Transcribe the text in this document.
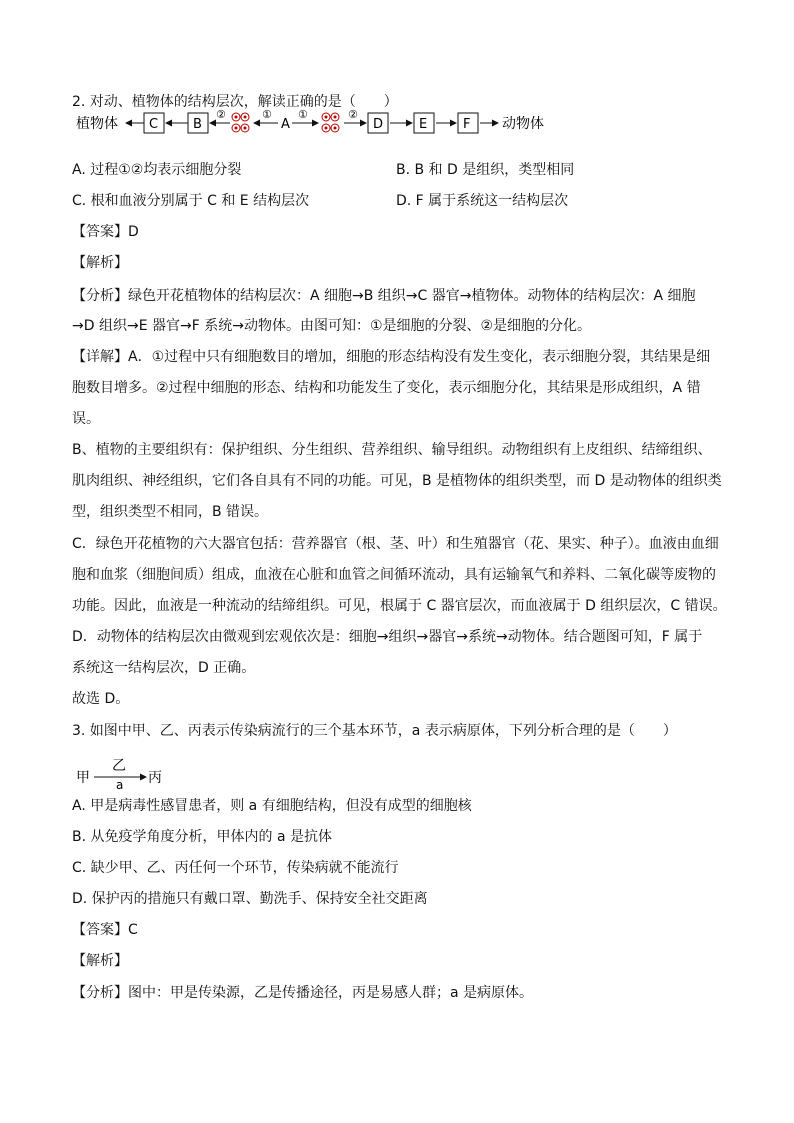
2. 对动、植物体的结构层次，解读正确的是（　　）
植物体 C	B
②	①
A
①	②
D	E	F 动物体
A. 过程①②均表示细胞分裂	B. B 和 D 是组织，类型相同
C. 根和血液分别属于 C 和 E 结构层次	D. F 属于系统这一结构层次
【答案】D
【解析】
【分析】绿色开花植物体的结构层次：A 细胞→B 组织→C 器官→植物体。动物体的结构层次：A 细胞
→D 组织→E 器官→F 系统→动物体。由图可知：①是细胞的分裂、②是细胞的分化。
【详解】A．①过程中只有细胞数目的增加，细胞的形态结构没有发生变化，表示细胞分裂，其结果是细
胞数目增多。②过程中细胞的形态、结构和功能发生了变化，表示细胞分化，其结果是形成组织，A 错
误。
B、植物的主要组织有：保护组织、分生组织、营养组织、输导组织。动物组织有上皮组织、结缔组织、
肌肉组织、神经组织，它们各自具有不同的功能。可见，B 是植物体的组织类型，而 D 是动物体的组织类
型，组织类型不相同，B 错误。
C．绿色开花植物的六大器官包括：营养器官（根、茎、叶）和生殖器官（花、果实、种子）。血液由血细
胞和血浆（细胞间质）组成，血液在心脏和血管之间循环流动，具有运输氧气和养料、二氧化碳等废物的
功能。因此，血液是一种流动的结缔组织。可见，根属于 C 器官层次，而血液属于 D 组织层次，C 错误。
D．动物体的结构层次由微观到宏观依次是：细胞→组织→器官→系统→动物体。结合题图可知，F 属于
系统这一结构层次，D 正确。
故选 D。
3. 如图中甲、乙、丙表示传染病流行的三个基本环节，a 表示病原体，下列分析合理的是（　　）
甲
乙
a 丙
A. 甲是病毒性感冒患者，则 a 有细胞结构，但没有成型的细胞核
B. 从免疫学角度分析，甲体内的 a 是抗体
C. 缺少甲、乙、丙任何一个环节，传染病就不能流行
D. 保护丙的措施只有戴口罩、勤洗手、保持安全社交距离
【答案】C
【解析】
【分析】图中：甲是传染源，乙是传播途径，丙是易感人群；a 是病原体。
